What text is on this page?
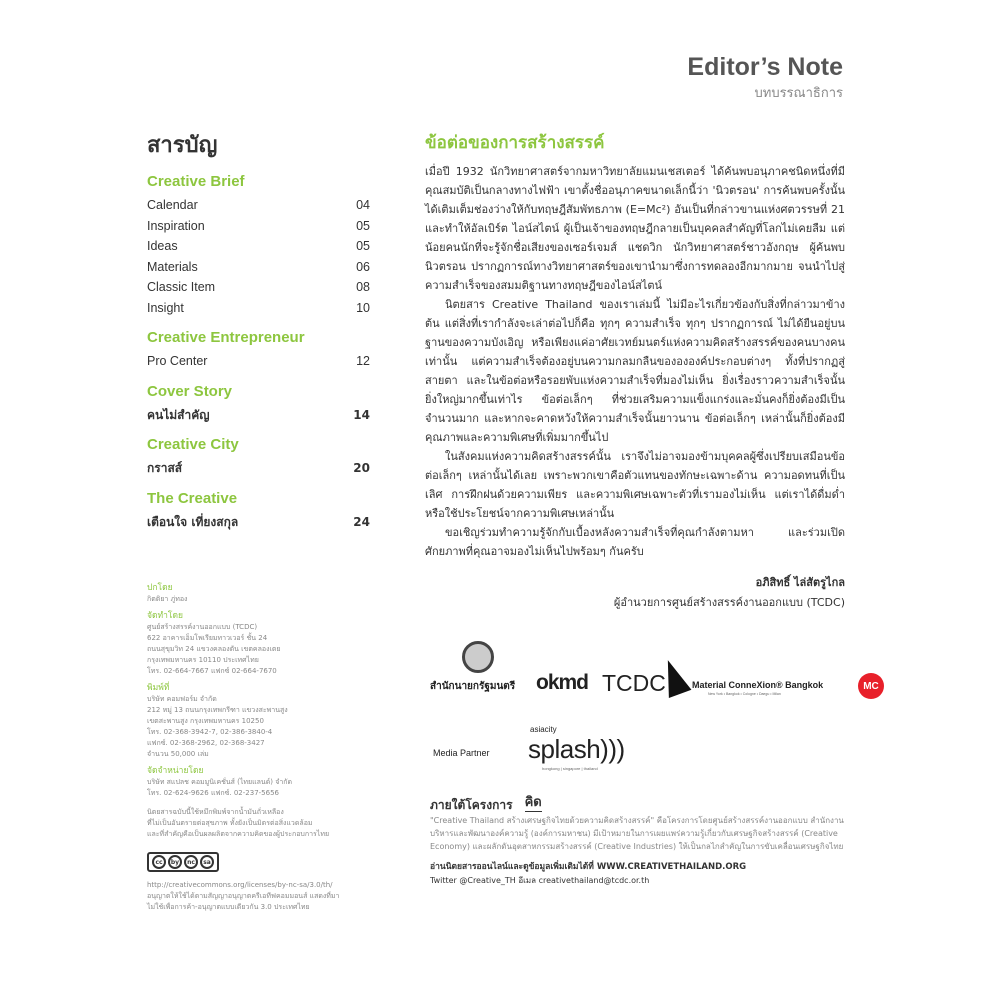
Editor’s Note
บทบรรณาธิการ
สารบัญ
Creative Brief
Calendar	04
Inspiration	05
Ideas	05
Materials	06
Classic Item	08
Insight	10
Creative Entrepreneur
Pro Center	12
Cover Story
คนไม่สำคัญ	14
Creative City
กราสส์	20
The Creative
เตือนใจ เที่ยงสกุล	24
ปกโดย
กิตติยา ภู่ทอง
จัดทำโดย
ศูนย์สร้างสรรค์งานออกแบบ (TCDC)
622 อาคารเอ็มโพเรียมทาวเวอร์ ชั้น 24
ถนนสุขุมวิท 24 แขวงคลองตัน เขตคลองเตย
กรุงเทพมหานคร 10110 ประเทศไทย
โทร. 02-664-7667 แฟกซ์ 02-664-7670
พิมพ์ที่
บริษัท คอมฟอร์ม จำกัด
212 หมู่ 13 ถนนกรุงเทพกรีฑา แขวงสะพานสูง
เขตสะพานสูง กรุงเทพมหานคร 10250
โทร. 02-368-3942-7, 02-386-3840-4
แฟกซ์. 02-368-2962, 02-368-3427
จำนวน 50,000 เล่ม
จัดจำหน่ายโดย
บริษัท สแปลช คอมมูนิเคชั่นส์ (ไทยแลนด์) จำกัด
โทร. 02-624-9626 แฟกซ์. 02-237-5656
นิตยสารฉบับนี้ใช้หมึกพิมพ์จากน้ำมันถั่วเหลือง
ที่ไม่เป็นอันตรายต่อสุขภาพ ทั้งยังเป็นมิตรต่อสิ่งแวดล้อม
และที่สำคัญคือเป็นผลผลิตจากความคิดของผู้ประกอบการไทย
cc	by	nc	sa
http://creativecommons.org/licenses/by-nc-sa/3.0/th/
อนุญาตให้ใช้ได้ตามสัญญาอนุญาตครีเอทีฟคอมมอนส์ แสดงที่มา
ไม่ใช้เพื่อการค้า-อนุญาตแบบเดียวกัน 3.0 ประเทศไทย
ข้อต่อของการสร้างสรรค์

เมื่อปี 1932 นักวิทยาศาสตร์จากมหาวิทยาลัยแมนเชสเตอร์ ได้ค้นพบอนุภาคชนิดหนึ่งที่มีคุณสมบัติเป็นกลางทางไฟฟ้า เขาตั้งชื่ออนุภาคขนาดเล็กนี้ว่า 'นิวตรอน' การค้นพบครั้งนั้นได้เติมเต็มช่องว่างให้กับทฤษฎีสัมพัทธภาพ (E=Mc²) อันเป็นที่กล่าวขานแห่งศตวรรษที่ 21 และทำให้อัลเบิร์ต ไอน์สไตน์ ผู้เป็นเจ้าของทฤษฎีกลายเป็นบุคคลสำคัญที่โลกไม่เคยลืม แต่น้อยคนนักที่จะรู้จักชื่อเสียงของเซอร์เจมส์ แชดวิก นักวิทยาศาสตร์ชาวอังกฤษ ผู้ค้นพบนิวตรอน ปรากฏการณ์ทางวิทยาศาสตร์ของเขานำมาซึ่งการทดลองอีกมากมาย จนนำไปสู่ความสำเร็จของสมมติฐานทางทฤษฎีของไอน์สไตน์

นิตยสาร Creative Thailand ของเราเล่มนี้ ไม่มีอะไรเกี่ยวข้องกับสิ่งที่กล่าวมาข้างต้น แต่สิ่งที่เรากำลังจะเล่าต่อไปก็คือ ทุกๆ ความสำเร็จ ทุกๆ ปรากฏการณ์ ไม่ได้ยืนอยู่บนฐานของความบังเอิญ หรือเพียงแค่อาศัยเวทย์มนตร์แห่งความคิดสร้างสรรค์ของคนบางคนเท่านั้น แต่ความสำเร็จต้องอยู่บนความกลมกลืนของององค์ประกอบต่างๆ ทั้งที่ปรากฏสู่สายตา และในข้อต่อหรือรอยพับแห่งความสำเร็จที่มองไม่เห็น ยิ่งเรื่องราวความสำเร็จนั้นยิ่งใหญ่มากขึ้นเท่าไร ข้อต่อเล็กๆ ที่ช่วยเสริมความแข็งแกร่งและมั่นคงก็ยิ่งต้องมีเป็นจำนวนมาก และหากจะคาดหวังให้ความสำเร็จนั้นยาวนาน ข้อต่อเล็กๆ เหล่านั้นก็ยิ่งต้องมีคุณภาพและความพิเศษที่เพิ่มมากขึ้นไป

ในสังคมแห่งความคิดสร้างสรรค์นั้น เราจึงไม่อาจมองข้ามบุคคลผู้ซึ่งเปรียบเสมือนข้อต่อเล็กๆ เหล่านั้นได้เลย เพราะพวกเขาคือตัวแทนของทักษะเฉพาะด้าน ความอดทนที่เป็นเลิศ การฝึกฝนด้วยความเพียร และความพิเศษเฉพาะตัวที่เรามองไม่เห็น แต่เราได้ดื่มด่ำหรือใช้ประโยชน์จากความพิเศษเหล่านั้น

ขอเชิญร่วมทำความรู้จักกับเบื้องหลังความสำเร็จที่คุณกำลังตามหา และร่วมเปิดศักยภาพที่คุณอาจมองไม่เห็นไปพร้อมๆ กันครับ

อภิสิทธิ์ ไล่สัตรูไกล
ผู้อำนวยการศูนย์สร้างสรรค์งานออกแบบ (TCDC)
สำนักนายกรัฐมนตรี okmd TCDC	Material ConneXion® Bangkok
New York • Bangkok • Cologne • Daegu • Milan
MC
Media Partner
asiacity
splash)))
hongkong | singapore | thailand
ภายใต้โครงการ คิด
"Creative Thailand สร้างเศรษฐกิจไทยด้วยความคิดสร้างสรรค์" คือโครงการโดยศูนย์สร้างสรรค์งานออกแบบ สำนักงานบริหารและพัฒนาองค์ความรู้ (องค์การมหาชน) มีเป้าหมายในการเผยแพร่ความรู้เกี่ยวกับเศรษฐกิจสร้างสรรค์ (Creative Economy) และผลักดันอุตสาหกรรมสร้างสรรค์ (Creative Industries) ให้เป็นกลไกสำคัญในการขับเคลื่อนเศรษฐกิจไทย
อ่านนิตยสารออนไลน์และดูข้อมูลเพิ่มเติมได้ที่ WWW.CREATIVETHAILAND.ORG
Twitter @Creative_TH อีเมล creativethailand@tcdc.or.th
